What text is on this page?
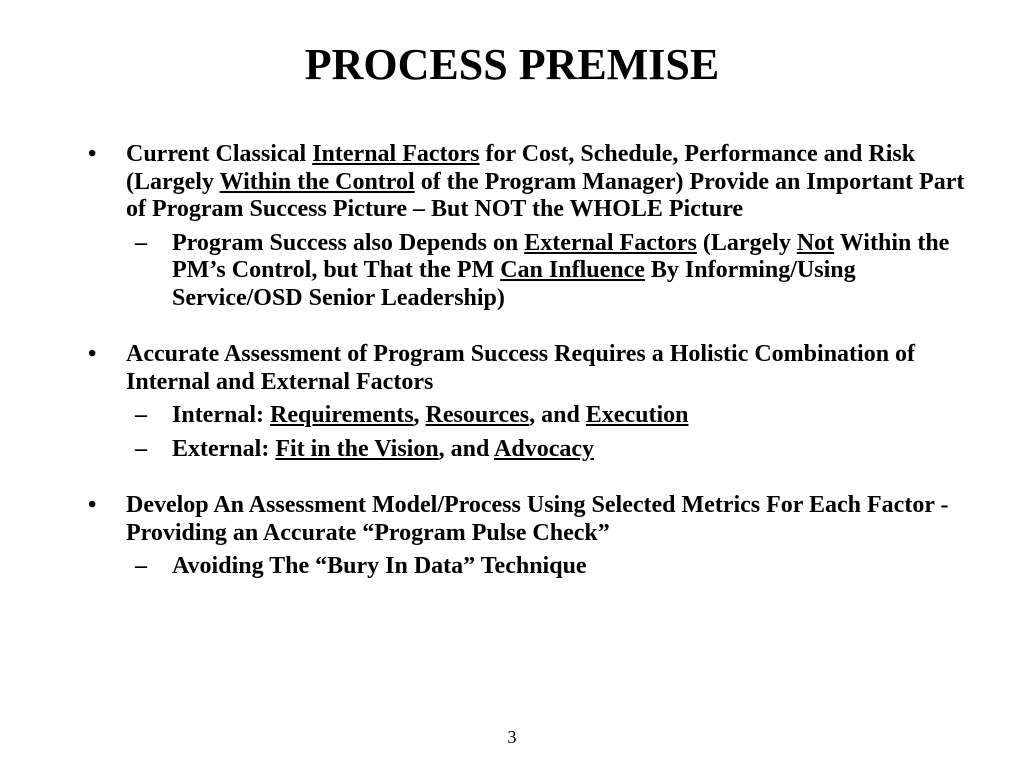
PROCESS PREMISE
• Current Classical Internal Factors for Cost, Schedule, Performance and Risk (Largely Within the Control of the Program Manager) Provide an Important Part of Program Success Picture – But NOT the WHOLE Picture
– Program Success also Depends on External Factors (Largely Not Within the PM’s Control, but That the PM Can Influence By Informing/Using Service/OSD Senior Leadership)
• Accurate Assessment of Program Success Requires a Holistic Combination of Internal and External Factors
– Internal: Requirements, Resources, and Execution
– External: Fit in the Vision, and Advocacy
• Develop An Assessment Model/Process Using Selected Metrics For Each Factor - Providing an Accurate “Program Pulse Check”
– Avoiding The “Bury In Data” Technique
3
